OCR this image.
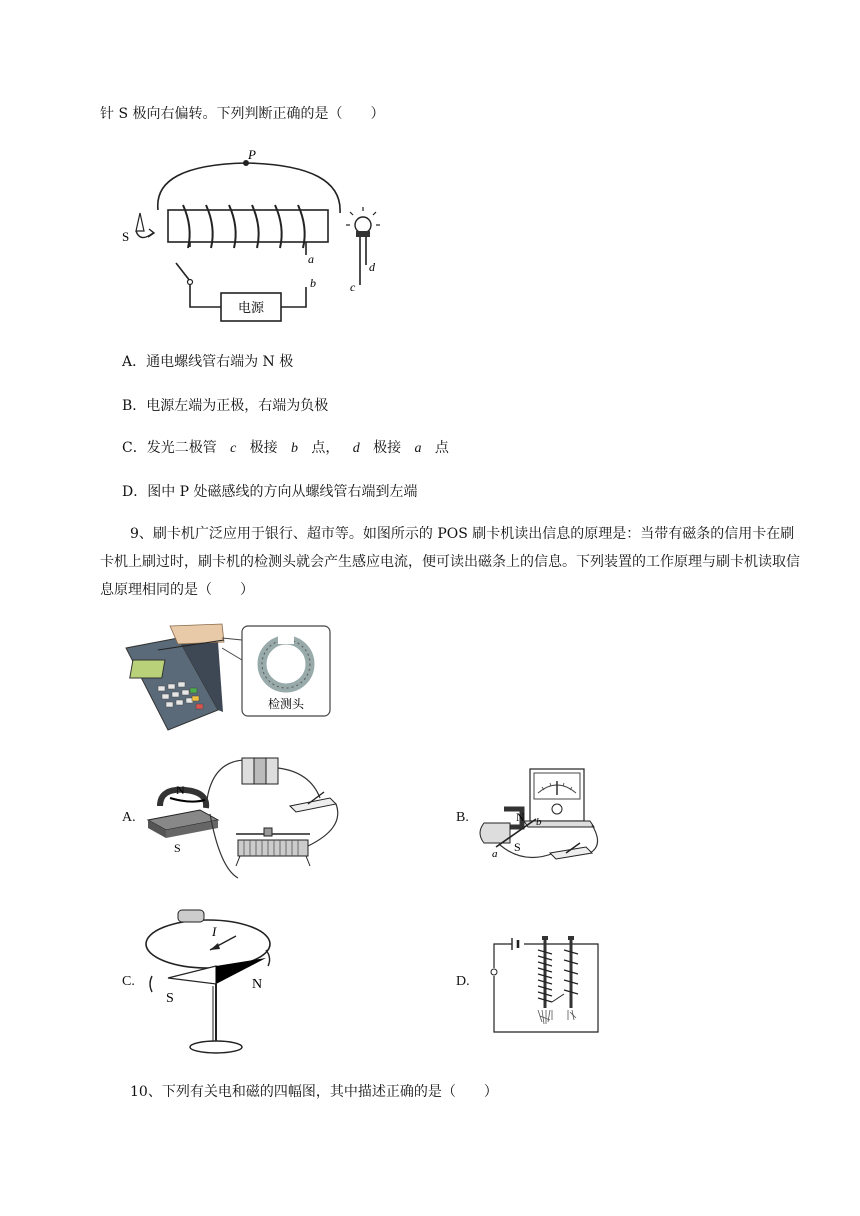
针 S 极向右偏转。下列判断正确的是（　　）
P
S
a
电源
b
d
c
A．通电螺线管右端为 N 极
B．电源左端为正极，右端为负极
C．发光二极管 c 极接 b 点， d 极接 a 点
D．图中 P 处磁感线的方向从螺线管右端到左端
9、刷卡机广泛应用于银行、超市等。如图所示的 POS 刷卡机读出信息的原理是：当带有磁条的信用卡在刷卡机上刷过时，刷卡机的检测头就会产生感应电流，便可读出磁条上的信息。下列装置的工作原理与刷卡机读取信息原理相同的是（　　）
检测头
A.
N
S
B.	N
S
a
b
C.
I
S
N	D.
10、下列有关电和磁的四幅图，其中描述正确的是（　　）
